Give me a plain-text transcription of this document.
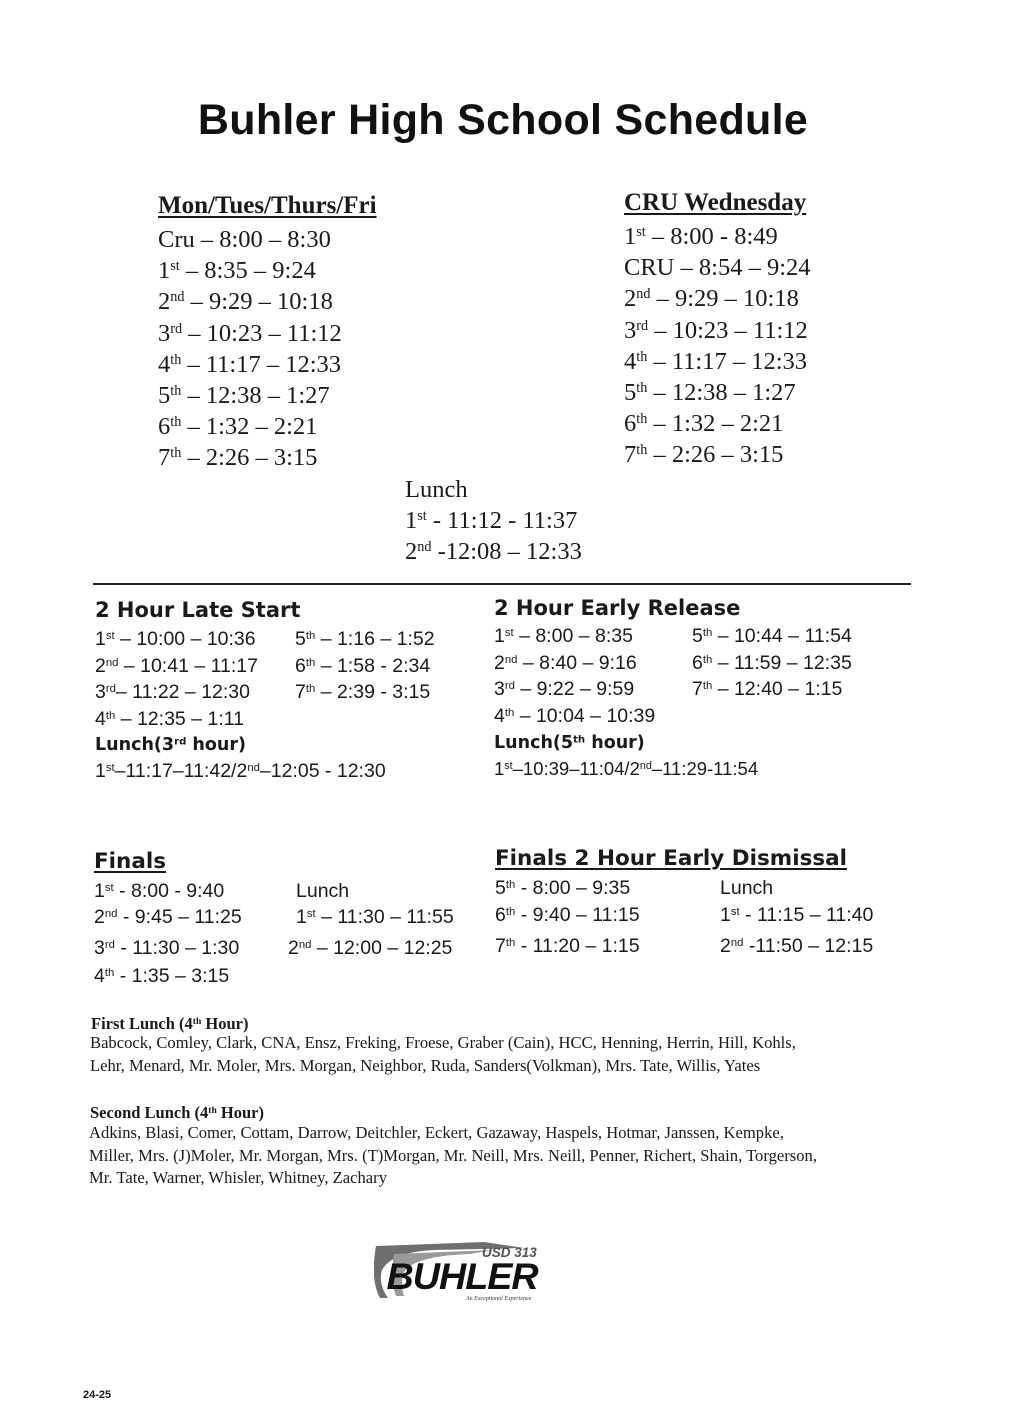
Buhler High School Schedule
Mon/Tues/Thurs/Fri
Cru – 8:00 – 8:30
1st – 8:35 – 9:24
2nd – 9:29 – 10:18
3rd – 10:23 – 11:12
4th – 11:17 – 12:33
5th – 12:38 – 1:27
6th – 1:32 – 2:21
7th – 2:26 – 3:15
CRU Wednesday
1st – 8:00 - 8:49
CRU – 8:54 – 9:24
2nd – 9:29 – 10:18
3rd – 10:23 – 11:12
4th – 11:17 – 12:33
5th – 12:38 – 1:27
6th – 1:32 – 2:21
7th – 2:26 – 3:15
Lunch
1st - 11:12 - 11:37
2nd -12:08 – 12:33
2 Hour Late Start
1st – 10:00 – 10:36
2nd – 10:41 – 11:17
3rd– 11:22 – 12:30
4th – 12:35 – 1:11
5th – 1:16 – 1:52
6th – 1:58 - 2:34
7th – 2:39 - 3:15
Lunch(3rd hour)
1st–11:17–11:42/2nd–12:05 - 12:30
2 Hour Early Release
1st – 8:00 – 8:35
2nd – 8:40 – 9:16
3rd – 9:22 – 9:59
4th – 10:04 – 10:39
5th – 10:44 – 11:54
6th – 11:59 – 12:35
7th – 12:40 – 1:15
Lunch(5th hour)
1st–10:39–11:04/2nd–11:29-11:54
Finals
1st - 8:00 - 9:40
2nd - 9:45 – 11:25
3rd - 11:30 – 1:30
4th - 1:35 – 3:15
Lunch
1st – 11:30 – 11:55
2nd – 12:00 – 12:25
Finals 2 Hour Early Dismissal
5th - 8:00 – 9:35
6th - 9:40 – 11:15
7th - 11:20 – 1:15
Lunch
1st - 11:15 – 11:40
2nd -11:50 – 12:15
First Lunch (4th Hour)
Babcock, Comley, Clark, CNA, Ensz, Freking, Froese, Graber (Cain), HCC, Henning, Herrin, Hill, Kohls,
Lehr, Menard, Mr. Moler, Mrs. Morgan, Neighbor, Ruda, Sanders(Volkman), Mrs. Tate, Willis, Yates
Second Lunch (4th Hour)
Adkins, Blasi, Comer, Cottam, Darrow, Deitchler, Eckert, Gazaway, Haspels, Hotmar, Janssen, Kempke,
Miller, Mrs. (J)Moler, Mr. Morgan, Mrs. (T)Morgan, Mr. Neill, Mrs. Neill, Penner, Richert, Shain, Torgerson,
Mr. Tate, Warner, Whisler, Whitney, Zachary
USD 313
BUHLER
An Exceptional Experience
24-25
